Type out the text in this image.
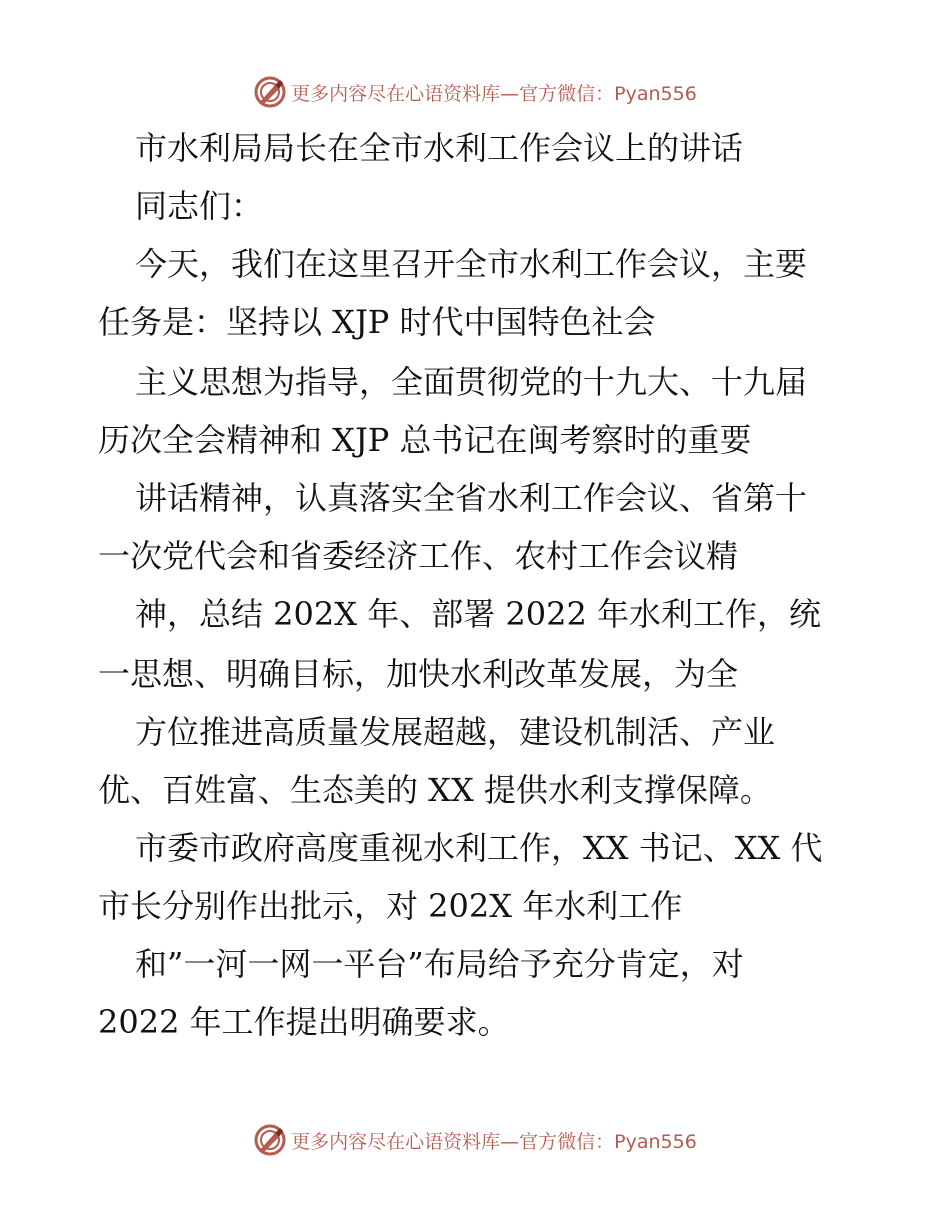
更多内容尽在心语资料库—官方微信：Pyan556
市水利局局长在全市水利工作会议上的讲话
同志们：
今天，我们在这里召开全市水利工作会议，主要
任务是：坚持以 XJP 时代中国特色社会
主义思想为指导，全面贯彻党的十九大、十九届
历次全会精神和 XJP 总书记在闽考察时的重要
讲话精神，认真落实全省水利工作会议、省第十
一次党代会和省委经济工作、农村工作会议精
神，总结 202X 年、部署 2022 年水利工作，统
一思想、明确目标，加快水利改革发展，为全
方位推进高质量发展超越，建设机制活、产业
优、百姓富、生态美的 XX 提供水利支撑保障。
市委市政府高度重视水利工作，XX 书记、XX 代
市长分别作出批示，对 202X 年水利工作
和”一河一网一平台”布局给予充分肯定，对
2022 年工作提出明确要求。
更多内容尽在心语资料库—官方微信：Pyan556
